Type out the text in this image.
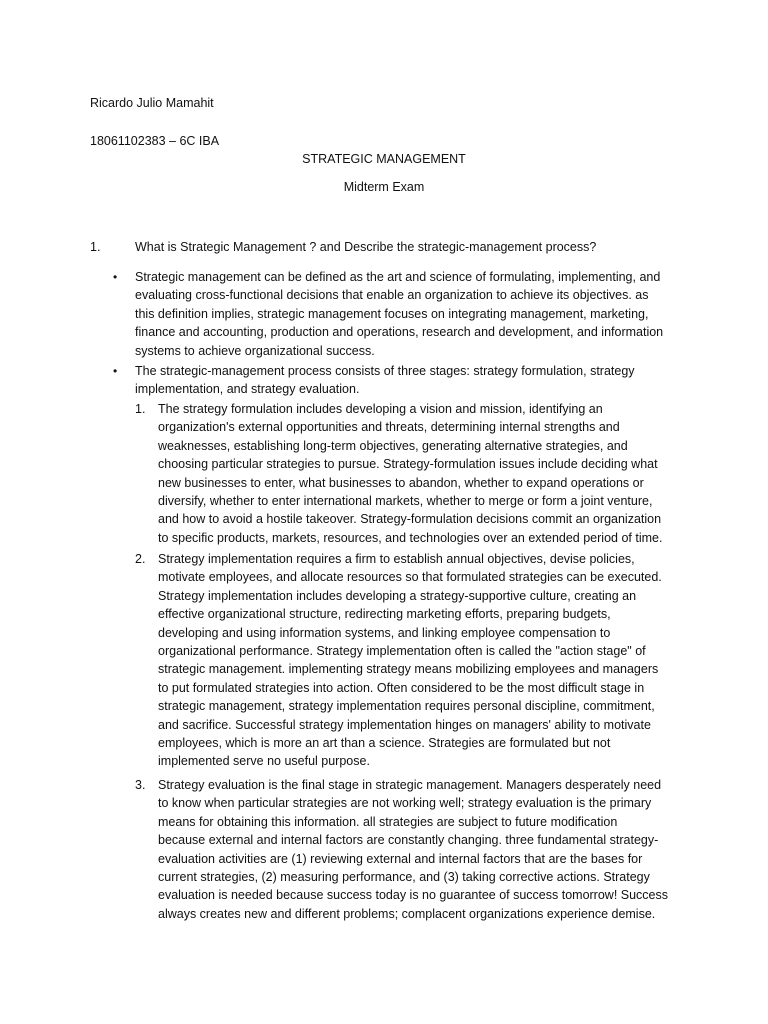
Ricardo Julio Mamahit
18061102383 – 6C IBA
STRATEGIC MANAGEMENT
Midterm Exam
1.	What is Strategic Management ? and Describe the strategic-management process?
• Strategic management can be defined as the art and science of formulating, implementing, and
evaluating cross-functional decisions that enable an organization to achieve its objectives. as
this definition implies, strategic management focuses on integrating management, marketing,
finance and accounting, production and operations, research and development, and information
systems to achieve organizational success.
• The strategic-management process consists of three stages: strategy formulation, strategy
implementation, and strategy evaluation.
1. The strategy formulation includes developing a vision and mission, identifying an
organization's external opportunities and threats, determining internal strengths and
weaknesses, establishing long-term objectives, generating alternative strategies, and
choosing particular strategies to pursue. Strategy-formulation issues include deciding what
new businesses to enter, what businesses to abandon, whether to expand operations or
diversify, whether to enter international markets, whether to merge or form a joint venture,
and how to avoid a hostile takeover. Strategy-formulation decisions commit an organization
to specific products, markets, resources, and technologies over an extended period of time.
2. Strategy implementation requires a firm to establish annual objectives, devise policies,
motivate employees, and allocate resources so that formulated strategies can be executed.
Strategy implementation includes developing a strategy-supportive culture, creating an
effective organizational structure, redirecting marketing efforts, preparing budgets,
developing and using information systems, and linking employee compensation to
organizational performance. Strategy implementation often is called the "action stage" of
strategic management. implementing strategy means mobilizing employees and managers
to put formulated strategies into action. Often considered to be the most difficult stage in
strategic management, strategy implementation requires personal discipline, commitment,
and sacrifice. Successful strategy implementation hinges on managers' ability to motivate
employees, which is more an art than a science. Strategies are formulated but not
implemented serve no useful purpose.
3. Strategy evaluation is the final stage in strategic management. Managers desperately need
to know when particular strategies are not working well; strategy evaluation is the primary
means for obtaining this information. all strategies are subject to future modification
because external and internal factors are constantly changing. three fundamental strategy-
evaluation activities are (1) reviewing external and internal factors that are the bases for
current strategies, (2) measuring performance, and (3) taking corrective actions. Strategy
evaluation is needed because success today is no guarantee of success tomorrow! Success
always creates new and different problems; complacent organizations experience demise.
